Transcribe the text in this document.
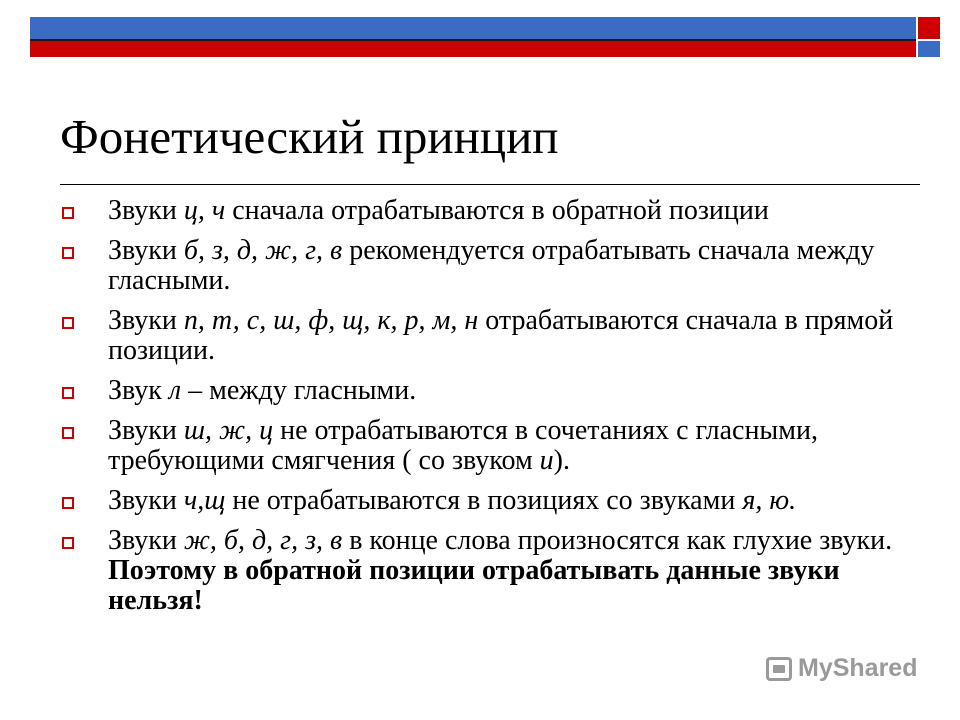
Фонетический принцип
Звуки ц, ч сначала отрабатываются в обратной позиции
Звуки б, з, д, ж, г, в рекомендуется отрабатывать сначала между гласными.
Звуки п, т, с, ш, ф, щ, к, р, м, н отрабатываются сначала в прямой позиции.
Звук л – между гласными.
Звуки ш, ж, ц не отрабатываются в сочетаниях с гласными, требующими смягчения ( со звуком и).
Звуки ч,щ не отрабатываются в позициях со звуками я, ю.
Звуки ж, б, д, г, з, в в конце слова произносятся как глухие звуки. Поэтому в обратной позиции отрабатывать данные звуки нельзя!
MyShared
